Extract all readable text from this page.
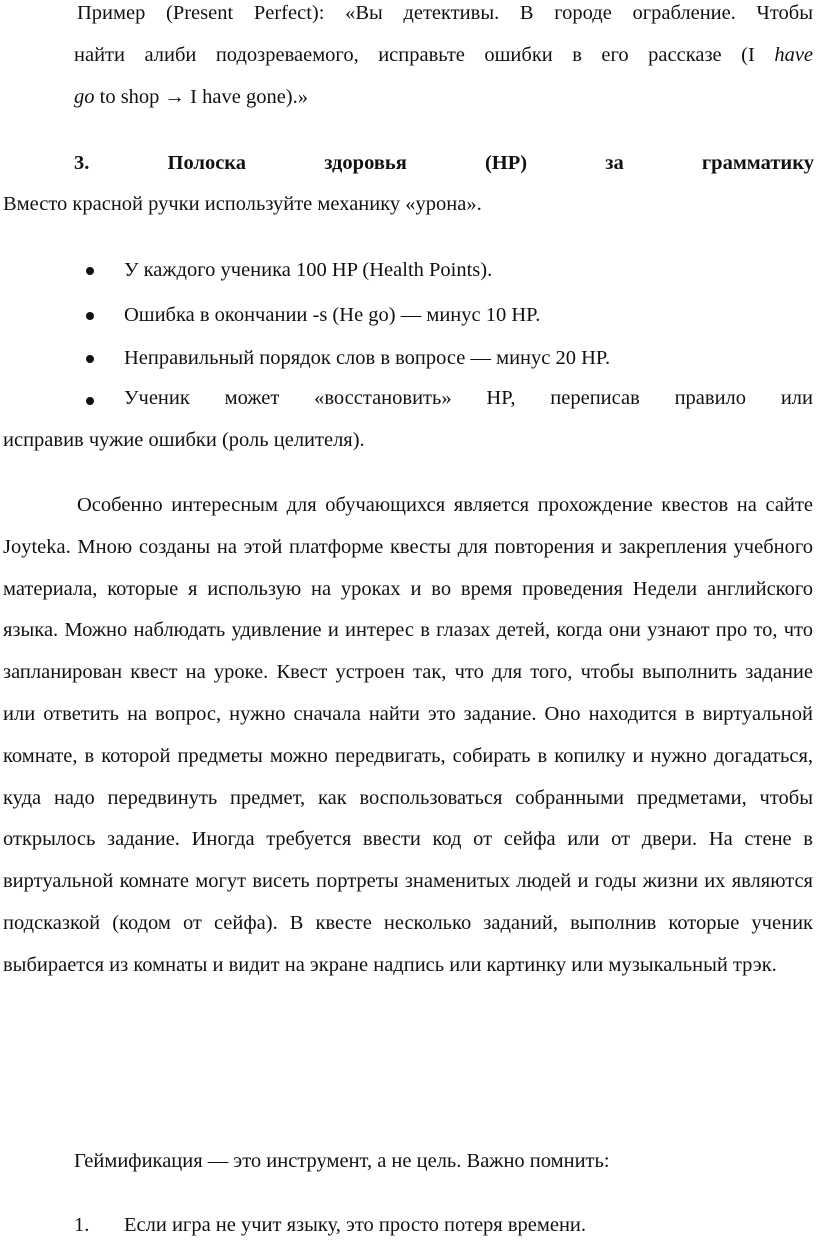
Пример (Present Perfect): «Вы детективы. В городе ограбление. Чтобы
найти алиби подозреваемого, исправьте ошибки в его рассказе (I have
go to shop → I have gone).»
3.	Полоска	здоровья	(HP)	за	грамматику
Вместо красной ручки используйте механику «урона».
У каждого ученика 100 HP (Health Points).
Ошибка в окончании -s (He go) — минус 10 HP.
Неправильный порядок слов в вопросе — минус 20 HP.
Ученик может «восстановить» HP, переписав правило или
исправив чужие ошибки (роль целителя).

Особенно интересным для обучающихся является прохождение квестов на сайте Joyteka. Мною созданы на этой платформе квесты для повторения и закрепления учебного материала, которые я использую на уроках и во время проведения Недели английского языка. Можно наблюдать удивление и интерес в глазах детей, когда они узнают про то, что запланирован квест на уроке. Квест устроен так, что для того, чтобы выполнить задание или ответить на вопрос, нужно сначала найти это задание. Оно находится в виртуальной комнате, в которой предметы можно передвигать, собирать в копилку и нужно догадаться, куда надо передвинуть предмет, как воспользоваться собранными предметами, чтобы открылось задание. Иногда требуется ввести код от сейфа или от двери. На стене в виртуальной комнате могут висеть портреты знаменитых людей и годы жизни их являются подсказкой (кодом от сейфа). В квесте несколько заданий, выполнив которые ученик выбирается из комнаты и видит на экране надпись или картинку или музыкальный трэк.

Геймификация — это инструмент, а не цель. Важно помнить:
1. Если игра не учит языку, это просто потеря времени.
